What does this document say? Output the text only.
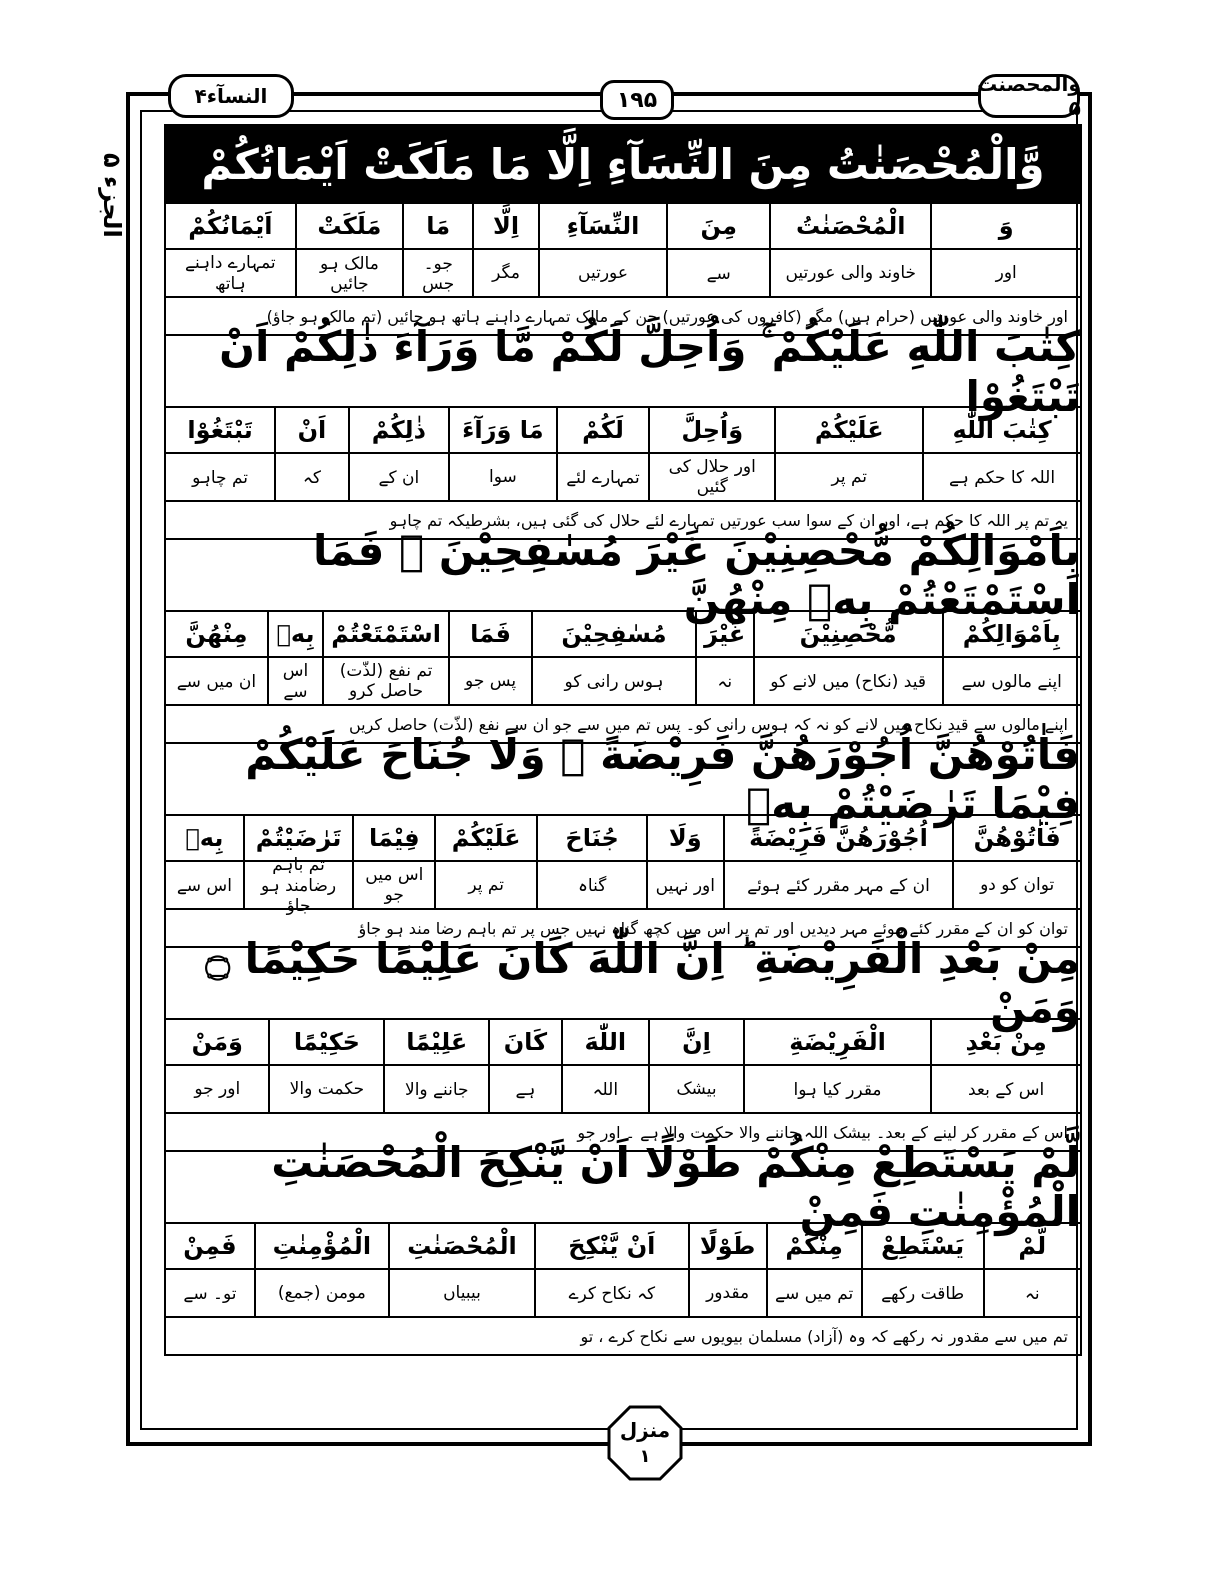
النسآء۴	۱۹۵
والمحصنت ۵
الجزء ۵
وَّالْمُحْصَنٰتُ مِنَ النِّسَآءِ اِلَّا مَا مَلَكَتْ اَيْمَانُكُمْ
وَ
الْمُحْصَنٰتُ
مِنَ
النِّسَآءِ
اِلَّا
مَا
مَلَكَتْ
اَيْمَانُكُمْ
اور
خاوند والی عورتیں
سے
عورتیں
مگر
جو۔جس
مالک ہو جائیں
تمہارے داہنے ہاتھ
اور خاوند والی عورتیں (حرام ہیں) مگر (کافروں کی عورتیں) جن کے مالک تمہارے داہنے ہاتھ ہو جائیں (تم مالک ہو جاؤ)
كِتٰبَ اللّٰهِ عَلَيْكُمْ ۚ وَاُحِلَّ لَكُمْ مَّا وَرَآءَ ذٰلِكُمْ اَنْ تَبْتَغُوْا
كِتٰبَ اللّٰهِ
عَلَيْكُمْ
وَاُحِلَّ
لَكُمْ
مَا وَرَآءَ
ذٰلِكُمْ
اَنْ
تَبْتَغُوْا
اللہ کا حکم ہے
تم پر
اور حلال کی گئیں
تمہارے لئے
سوا
ان کے
کہ
تم چاہو
یہ تم پر اللہ کا حکم ہے، اور ان کے سوا سب عورتیں تمہارے لئے حلال کی گئی ہیں، بشرطیکہ تم چاہو
بِاَمْوَالِكُمْ مُّحْصِنِيْنَ غَيْرَ مُسٰفِحِيْنَ ۚ فَمَا اسْتَمْتَعْتُمْ بِهٖ مِنْهُنَّ
بِاَمْوَالِكُمْ
مُّحْصِنِيْنَ
غَيْرَ
مُسٰفِحِيْنَ
فَمَا
اسْتَمْتَعْتُمْ
بِهٖ
مِنْهُنَّ
اپنے مالوں سے
قید (نکاح) میں لانے کو
نہ
ہوس رانی کو
پس جو
تم نفع (لذّت) حاصل کرو
اس سے
ان میں سے
اپنے مالوں سے قیدِ نکاح میں لانے کو نہ کہ ہوس رانی کو۔ پس تم میں سے جو ان سے نفع (لذّت) حاصل کریں
فَاٰتُوْهُنَّ اُجُوْرَهُنَّ فَرِيْضَةً ۚ وَلَا جُنَاحَ عَلَيْكُمْ فِيْمَا تَرٰضَيْتُمْ بِهٖ
فَاٰتُوْهُنَّ
اُجُوْرَهُنَّ فَرِيْضَةً
وَلَا
جُنَاحَ
عَلَيْكُمْ
فِيْمَا
تَرٰضَيْتُمْ
بِهٖ
توان کو دو
ان کے مہر مقرر کئے ہوئے
اور نہیں
گناہ
تم پر
اس میں جو
تم باہم رضامند ہو جاؤ
اس سے
توان کو ان کے مقرر کئے ہوئے مہر دیدیں اور تم پر اس میں کچھ گناہ نہیں جس پر تم باہم رضا مند ہو جاؤ
مِنْ بَعْدِ الْفَرِيْضَةِ ؕ اِنَّ اللّٰهَ كَانَ عَلِيْمًا حَكِيْمًا ۝ وَمَنْ
مِنْ بَعْدِ
الْفَرِيْضَةِ
اِنَّ
اللّٰهَ
كَانَ
عَلِيْمًا
حَكِيْمًا
وَمَنْ
اس کے بعد
مقرر کیا ہوا
بیشک
اللہ
ہے
جاننے والا
حکمت والا
اور جو
اس کے مقرر کر لینے کے بعد۔ بیشک اللہ جاننے والا حکمت والا ہے ۔ اور جو
لَّمْ يَسْتَطِعْ مِنْكُمْ طَوْلًا اَنْ يَّنْكِحَ الْمُحْصَنٰتِ الْمُؤْمِنٰتِ فَمِنْ
لَّمْ
يَسْتَطِعْ
مِنْكُمْ
طَوْلًا
اَنْ يَّنْكِحَ
الْمُحْصَنٰتِ
الْمُؤْمِنٰتِ
فَمِنْ
نہ
طاقت رکھے
تم میں سے
مقدور
کہ نکاح کرے
بیبیاں
مومن (جمع)
تو۔ سے
تم میں سے مقدور نہ رکھے کہ وہ (آزاد) مسلمان بیویوں سے نکاح کرے ، تو
منزل
۱
